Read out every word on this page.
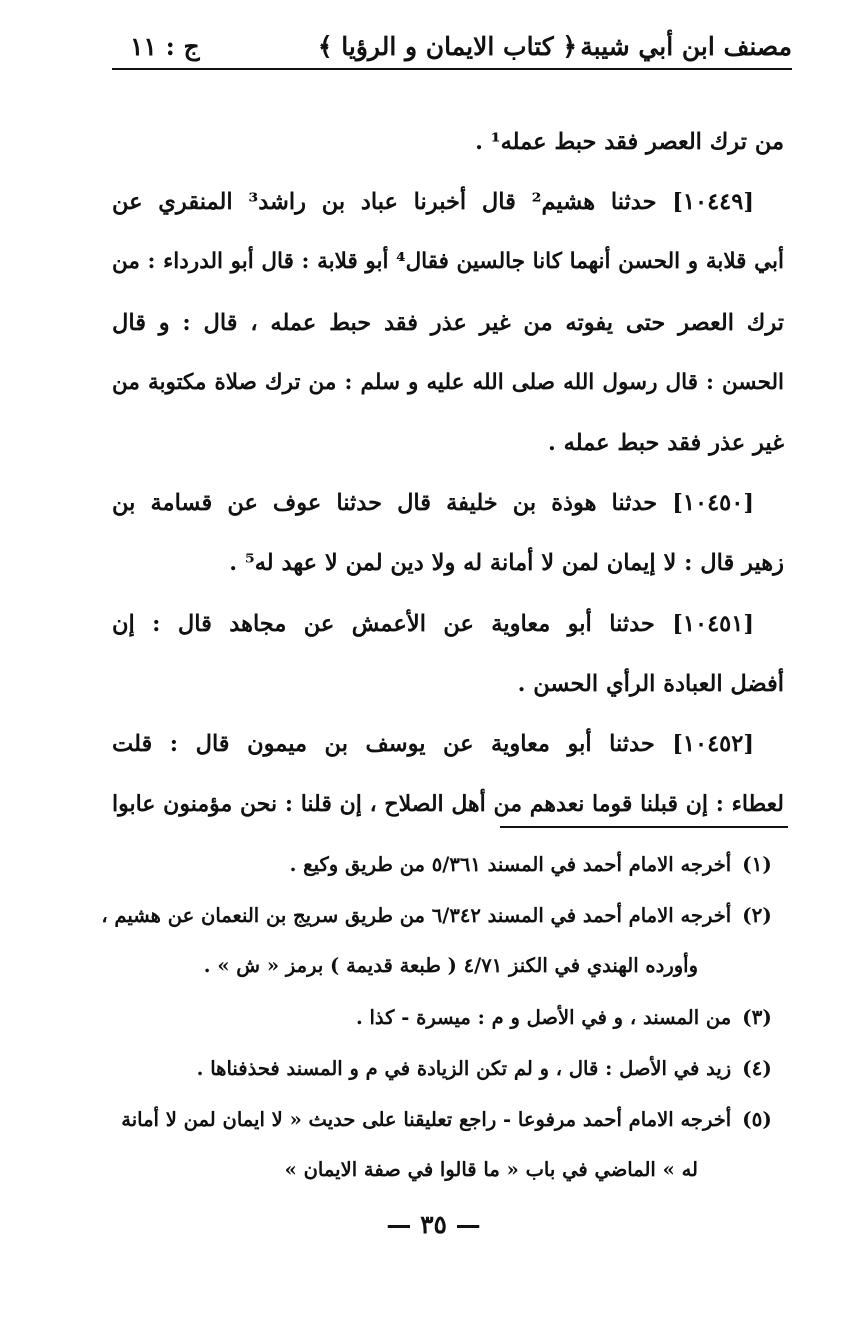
مصنف ابن أبي شيبة
﴿ كتاب الايمان و الرؤيا ﴾
ج : ١١
من ترك العصر فقد حبط عمله¹ .
[١٠٤٤٩] حدثنا هشيم² قال أخبرنا عباد بن راشد³ المنقري عن
أبي قلابة و الحسن أنهما كانا جالسين فقال⁴ أبو قلابة : قال أبو الدرداء : من
ترك العصر حتى يفوته من غير عذر فقد حبط عمله ، قال : و قال
الحسن : قال رسول الله صلى الله عليه و سلم : من ترك صلاة مكتوبة من
غير عذر فقد حبط عمله .
[١٠٤٥٠] حدثنا هوذة بن خليفة قال حدثنا عوف عن قسامة بن
زهير قال : لا إيمان لمن لا أمانة له ولا دين لمن لا عهد له⁵ .
[١٠٤٥١] حدثنا أبو معاوية عن الأعمش عن مجاهد قال : إن
أفضل العبادة الرأي الحسن .
[١٠٤٥٢] حدثنا أبو معاوية عن يوسف بن ميمون قال : قلت
لعطاء : إن قبلنا قوما نعدهم من أهل الصلاح ، إن قلنا : نحن مؤمنون عابوا
(١) أخرجه الامام أحمد في المسند ٥/٣٦١ من طريق وكيع .
(٢) أخرجه الامام أحمد في المسند ٦/٣٤٢ من طريق سريج بن النعمان عن هشيم ،
وأورده الهندي في الكنز ٤/٧١ ( طبعة قديمة ) برمز « ش » .
(٣) من المسند ، و في الأصل و م : ميسرة - كذا .
(٤) زيد في الأصل : قال ، و لم تكن الزيادة في م و المسند فحذفناها .
(٥) أخرجه الامام أحمد مرفوعا - راجع تعليقنا على حديث « لا ايمان لمن لا أمانة
له » الماضي في باب « ما قالوا في صفة الايمان »
— ٣٥ —
